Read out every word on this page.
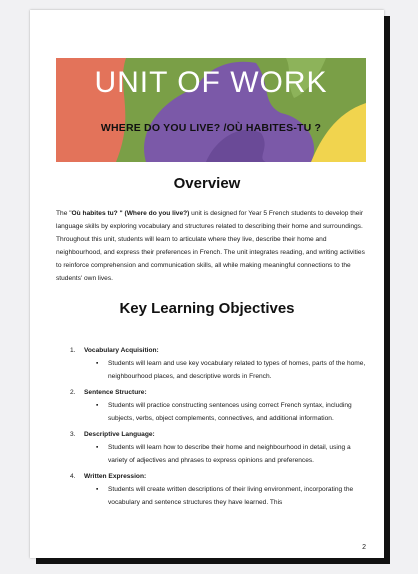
UNIT OF WORK
WHERE DO YOU LIVE? /OÙ HABITES-TU ?
Overview

The "Où habites tu? " (Where do you live?) unit is designed for Year 5 French students to develop their language skills by exploring vocabulary and structures related to describing their home and surroundings. Throughout this unit, students will learn to articulate where they live, describe their home and neighbourhood, and express their preferences in French. The unit integrates reading, and writing activities to reinforce comprehension and communication skills, all while making meaningful connections to the students' own lives.

Key Learning Objectives
1.	Vocabulary Acquisition:
▪	Students will learn and use key vocabulary related to types of homes, parts of the home, neighbourhood places, and descriptive words in French.
2.	Sentence Structure:
▪	Students will practice constructing sentences using correct French syntax, including subjects, verbs, object complements, connectives, and additional information.
3.	Descriptive Language:
▪	Students will learn how to describe their home and neighbourhood in detail, using a variety of adjectives and phrases to express opinions and preferences.
4.	Written Expression:
▪	Students will create written descriptions of their living environment, incorporating the vocabulary and sentence structures they have learned. This
2
